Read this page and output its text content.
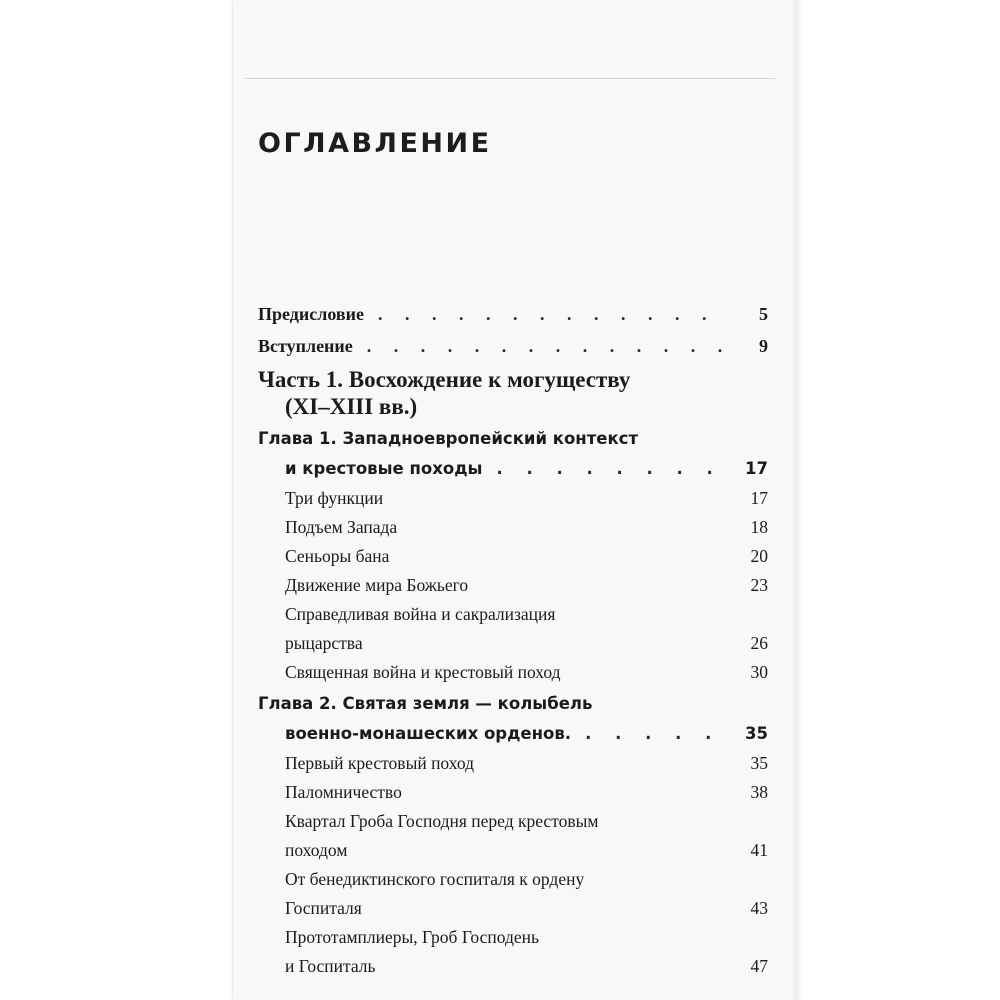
ОГЛАВЛЕНИЕ
Предисловие . . .	5
Вступление . . .	9
Часть 1. Восхождение к могуществу
(XI–XIII вв.)
Глава 1. Западноевропейский контекст
и крестовые походы . . .	17
Три функции	17
Подъем Запада	18
Сеньоры бана	20
Движение мира Божьего	23
Справедливая война и сакрализация
рыцарства	26
Священная война и крестовый поход	30
Глава 2. Святая земля — колыбель
военно-монашеских орденов. . . .	35
Первый крестовый поход	35
Паломничество	38
Квартал Гроба Господня перед крестовым
походом	41
От бенедиктинского госпиталя к ордену
Госпиталя	43
Прототамплиеры, Гроб Господень
и Госпиталь	47
